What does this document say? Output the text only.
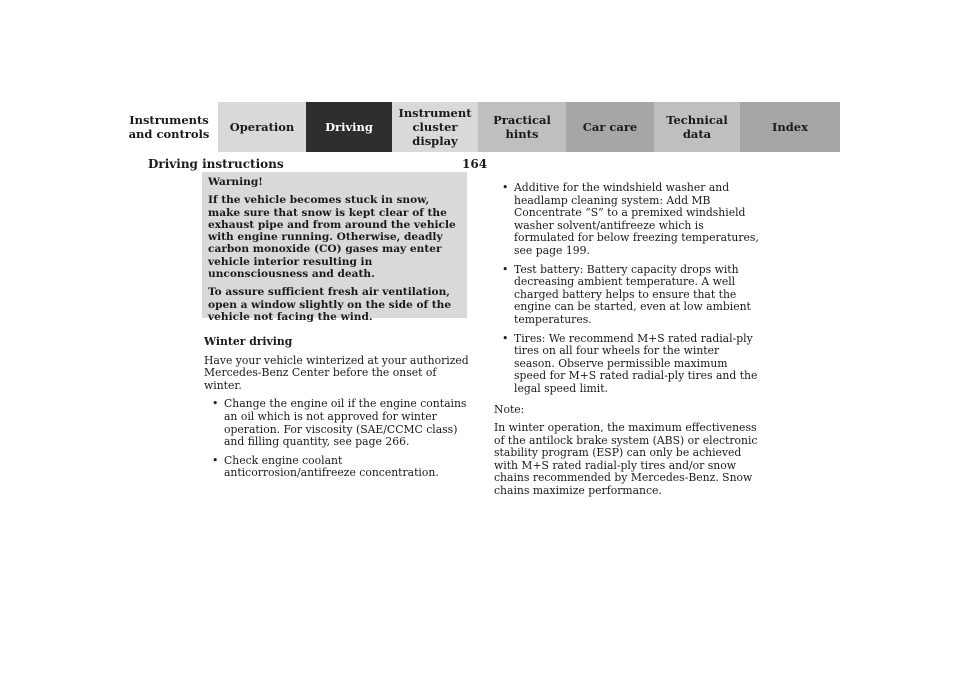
Instruments
and controls	Operation	Driving
Instrument
cluster display
Practical hints	Car care	Technical
data	Index
Driving instructions	164

Warning!

If the vehicle becomes stuck in snow, make sure that snow is kept clear of the exhaust pipe and from around the vehicle with engine running. Otherwise, deadly carbon monoxide (CO) gases may enter vehicle interior resulting in unconsciousness and death.

To assure sufficient fresh air ventilation, open a window slightly on the side of the vehicle not facing the wind.

Winter driving

Have your vehicle winterized at your authorized Mercedes-Benz Center before the onset of winter.

• Change the engine oil if the engine contains an oil which is not approved for winter operation. For viscosity (SAE/CCMC class) and filling quantity, see page 266.
• Check engine coolant anticorrosion/antifreeze concentration.
• Additive for the windshield washer and headlamp cleaning system: Add MB Concentrate “S” to a premixed windshield washer solvent/antifreeze which is formulated for below freezing temperatures, see page 199.
• Test battery: Battery capacity drops with decreasing ambient temperature. A well charged battery helps to ensure that the engine can be started, even at low ambient temperatures.
• Tires: We recommend M+S rated radial-ply tires on all four wheels for the winter season. Observe permissible maximum speed for M+S rated radial-ply tires and the legal speed limit.

Note:

In winter operation, the maximum effectiveness of the antilock brake system (ABS) or electronic stability program (ESP) can only be achieved with M+S rated radial-ply tires and/or snow chains recommended by Mercedes-Benz. Snow chains maximize performance.
